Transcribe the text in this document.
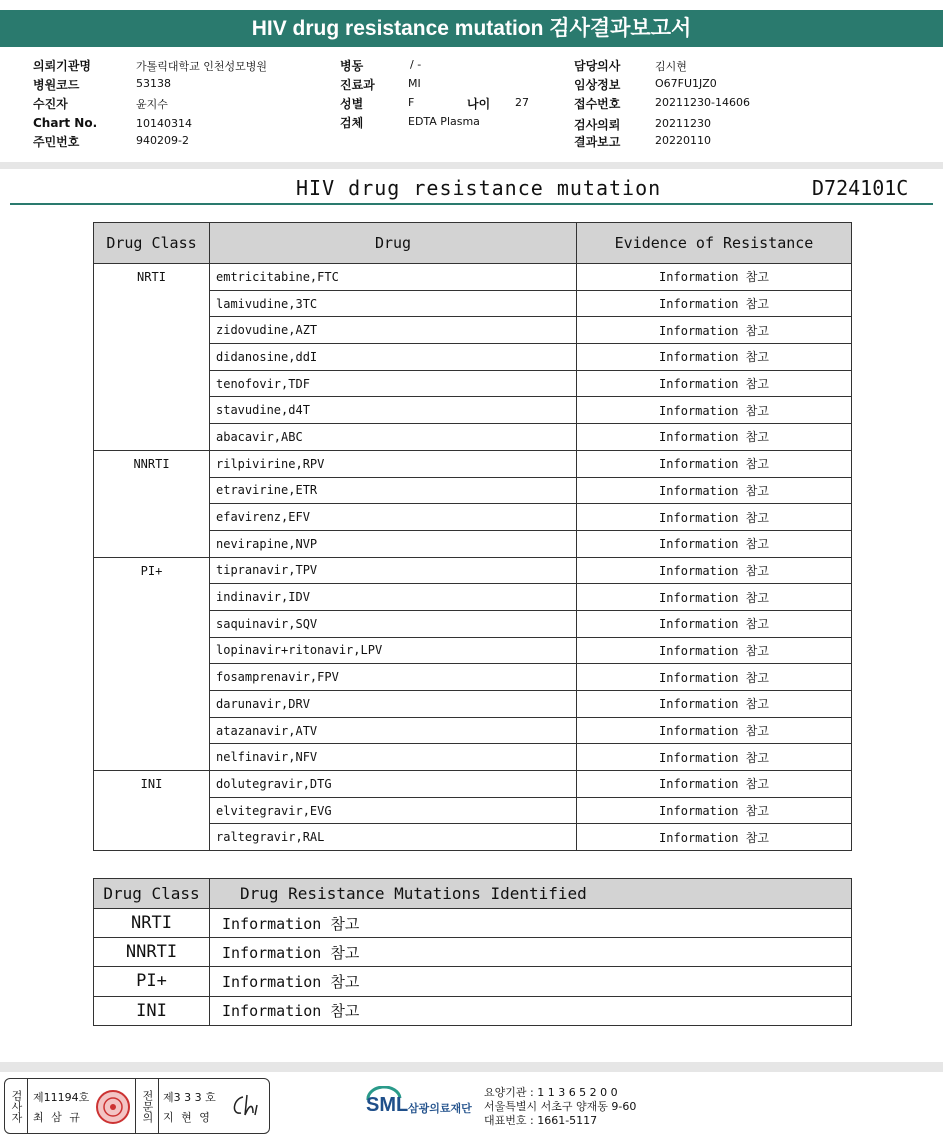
HIV drug resistance mutation 검사결과보고서
의뢰기관명	가톨릭대학교 인천성모병원
병원코드	53138
수진자	윤지수
Chart No.	10140314
주민번호	940209-2
병동	/ -
진료과	MI
성별	F	나이 27
검체	EDTA Plasma
담당의사	김시현
임상정보	O67FU1JZ0
접수번호	20211230-14606
검사의뢰	20211230
결과보고	20220110
HIV drug resistance mutation	D724101C
Drug Class	Drug	Evidence of Resistance
NRTI	emtricitabine,FTC	Information 참고
	lamivudine,3TC	Information 참고
	zidovudine,AZT	Information 참고
	didanosine,ddI	Information 참고
	tenofovir,TDF	Information 참고
	stavudine,d4T	Information 참고
	abacavir,ABC	Information 참고
NNRTI	rilpivirine,RPV	Information 참고
	etravirine,ETR	Information 참고
	efavirenz,EFV	Information 참고
	nevirapine,NVP	Information 참고
PI+	tipranavir,TPV	Information 참고
	indinavir,IDV	Information 참고
	saquinavir,SQV	Information 참고
	lopinavir+ritonavir,LPV	Information 참고
	fosamprenavir,FPV	Information 참고
	darunavir,DRV	Information 참고
	atazanavir,ATV	Information 참고
	nelfinavir,NFV	Information 참고
INI	dolutegravir,DTG	Information 참고
	elvitegravir,EVG	Information 참고
	raltegravir,RAL	Information 참고
Drug Class	Drug Resistance Mutations Identified
NRTI	Information 참고
NNRTI	Information 참고
PI+	Information 참고
INI	Information 참고
검사자 제11194호
최 삼 규	전문의 제3 3 3 호
지 현 영
SML 삼광의료재단
요양기관 : 1 1 3 6 5 2 0 0
서울특별시 서초구 양재동 9-60
대표번호 : 1661-5117
